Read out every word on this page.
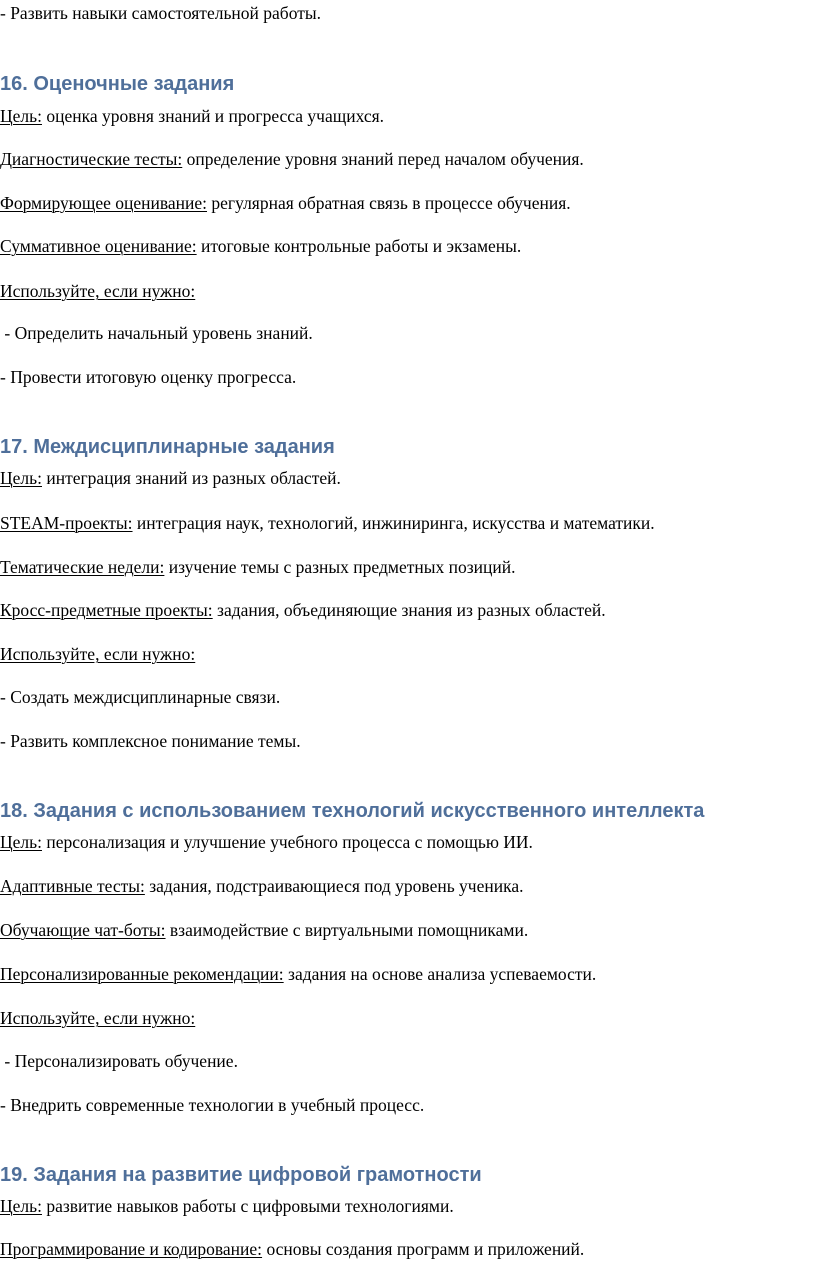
- Развить навыки самостоятельной работы.
16. Оценочные задания
Цель: оценка уровня знаний и прогресса учащихся.
Диагностические тесты: определение уровня знаний перед началом обучения.
Формирующее оценивание: регулярная обратная связь в процессе обучения.
Суммативное оценивание: итоговые контрольные работы и экзамены.
Используйте, если нужно:
- Определить начальный уровень знаний.
- Провести итоговую оценку прогресса.
17. Междисциплинарные задания
Цель: интеграция знаний из разных областей.
STEAM-проекты: интеграция наук, технологий, инжиниринга, искусства и математики.
Тематические недели: изучение темы с разных предметных позиций.
Кросс-предметные проекты: задания, объединяющие знания из разных областей.
Используйте, если нужно:
- Создать междисциплинарные связи.
- Развить комплексное понимание темы.
18. Задания с использованием технологий искусственного интеллекта
Цель: персонализация и улучшение учебного процесса с помощью ИИ.
Адаптивные тесты: задания, подстраивающиеся под уровень ученика.
Обучающие чат-боты: взаимодействие с виртуальными помощниками.
Персонализированные рекомендации: задания на основе анализа успеваемости.
Используйте, если нужно:
- Персонализировать обучение.
- Внедрить современные технологии в учебный процесс.
19. Задания на развитие цифровой грамотности
Цель: развитие навыков работы с цифровыми технологиями.
Программирование и кодирование: основы создания программ и приложений.
